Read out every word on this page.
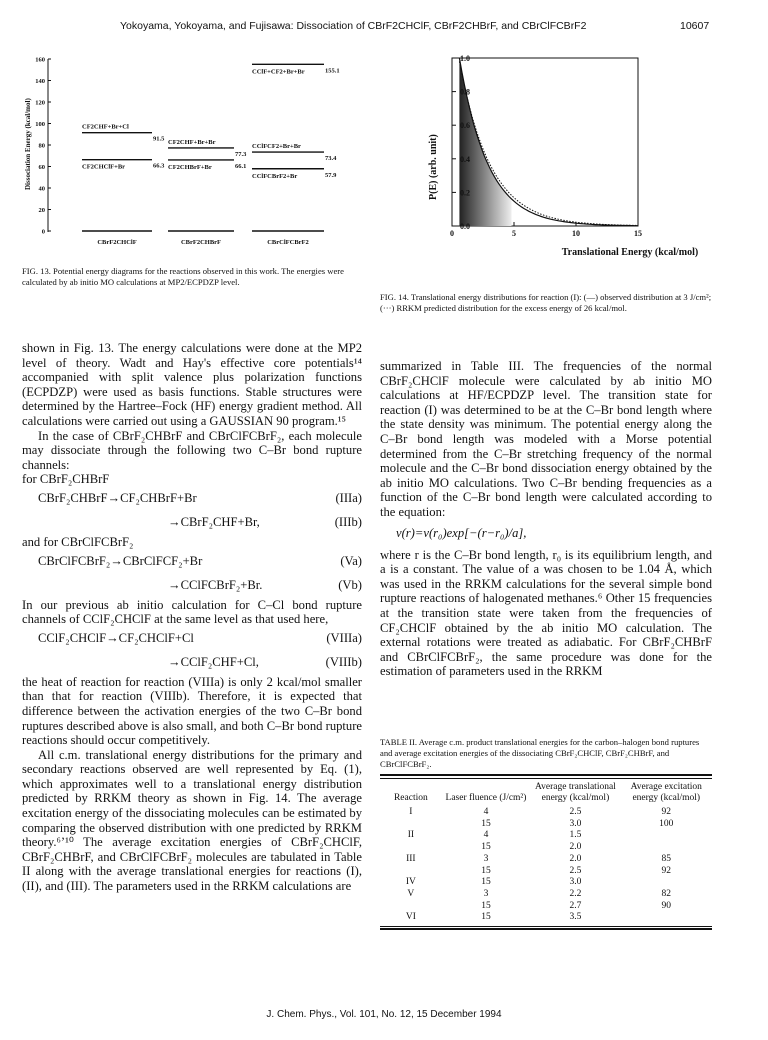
Yokoyama, Yokoyama, and Fujisawa: Dissociation of CBrF2CHClF, CBrF2CHBrF, and CBrClFCBrF2	10607
Dissociation Energy (kcal/mol)
160
140
120
100
80
60
40
20
0
CBrF2CHClF	CBrF2CHBrF	CBrClFCBrF2
91.5
CF2CHF+Br+Cl
66.3
CF2CHClF+Br
77.3
CF2CHF+Br+Br
66.1
CF2CHBrF+Br
155.1
CClF+CF2+Br+Br
73.4
CClFCF2+Br+Br
57.9
CClFCBrF2+Br
FIG. 13. Potential energy diagrams for the reactions observed in this work. The energies were calculated by ab initio MO calculations at MP2/ECPDZP level.
1.0
0.8
0.6
0.4
0.2
0.0
0	5	10	15
P(E) (arb. unit)
Translational Energy (kcal/mol)
FIG. 14. Translational energy distributions for reaction (I): (—) observed distribution at 3 J/cm²; (···) RRKM predicted distribution for the excess energy of 26 kcal/mol.

shown in Fig. 13. The energy calculations were done at the MP2 level of theory. Wadt and Hay's effective core potentials¹⁴ accompanied with split valence plus polarization functions (ECPDZP) were used as basis functions. Stable structures were determined by the Hartree–Fock (HF) energy gradient method. All calculations were carried out using a GAUSSIAN 90 program.¹⁵

In the case of CBrF₂CHBrF and CBrClFCBrF₂, each molecule may dissociate through the following two C–Br bond rupture channels:

for CBrF₂CHBrF

CBrF₂CHBrF→CF₂CHBrF+Br	(IIIa)
→CBrF₂CHF+Br,	(IIIb)

and for CBrClFCBrF₂

CBrClFCBrF₂→CBrClFCF₂+Br	(Va)
→CClFCBrF₂+Br.	(Vb)

In our previous ab initio calculation for C–Cl bond rupture channels of CClF₂CHClF at the same level as that used here,

CClF₂CHClF→CF₂CHClF+Cl	(VIIIa)
→CClF₂CHF+Cl,	(VIIIb)

the heat of reaction for reaction (VIIIa) is only 2 kcal/mol smaller than that for reaction (VIIIb). Therefore, it is expected that difference between the activation energies of the two C–Br bond ruptures described above is also small, and both C–Br bond rupture reactions should occur competitively.

All c.m. translational energy distributions for the primary and secondary reactions observed are well represented by Eq. (1), which approximates well to a translational energy distribution predicted by RRKM theory as shown in Fig. 14. The average excitation energy of the dissociating molecules can be estimated by comparing the observed distribution with one predicted by RRKM theory.⁶ʼ¹⁰ The average excitation energies of CBrF₂CHClF, CBrF₂CHBrF, and CBrClFCBrF₂ molecules are tabulated in Table II along with the average translational energies for reactions (I), (II), and (III). The parameters used in the RRKM calculations are

summarized in Table III. The frequencies of the normal CBrF₂CHClF molecule were calculated by ab initio MO calculations at HF/ECPDZP level. The transition state for reaction (I) was determined to be at the C–Br bond length where the state density was minimum. The potential energy along the C–Br bond length was modeled with a Morse potential determined from the C–Br stretching frequency of the normal molecule and the C–Br bond dissociation energy obtained by the ab initio MO calculations. Two C–Br bending frequencies as a function of the C–Br bond length were calculated according to the equation:

ν(r)=ν(r₀)exp[−(r−r₀)/a],

where r is the C–Br bond length, r₀ is its equilibrium length, and a is a constant. The value of a was chosen to be 1.04 Å, which was used in the RRKM calculations for the several simple bond rupture reactions of halogenated methanes.⁶ Other 15 frequencies at the transition state were taken from the frequencies of CF₂CHClF obtained by the ab initio MO calculation. The external rotations were treated as adiabatic. For CBrF₂CHBrF and CBrClFCBrF₂, the same procedure was done for the estimation of parameters used in the RRKM

TABLE II. Average c.m. product translational energies for the carbon–halogen bond ruptures and average excitation energies of the dissociating CBrF₂CHClF, CBrF₂CHBrF, and CBrClFCBrF₂.
Reaction	Laser fluence (J/cm²)	Average translational energy (kcal/mol)	Average excitation energy (kcal/mol)
I	4	2.5	92
	15	3.0	100
II	4	1.5	
	15	2.0	
III	3	2.0	85
	15	2.5	92
IV	15	3.0	
V	3	2.2	82
	15	2.7	90
VI	15	3.5	
J. Chem. Phys., Vol. 101, No. 12, 15 December 1994
